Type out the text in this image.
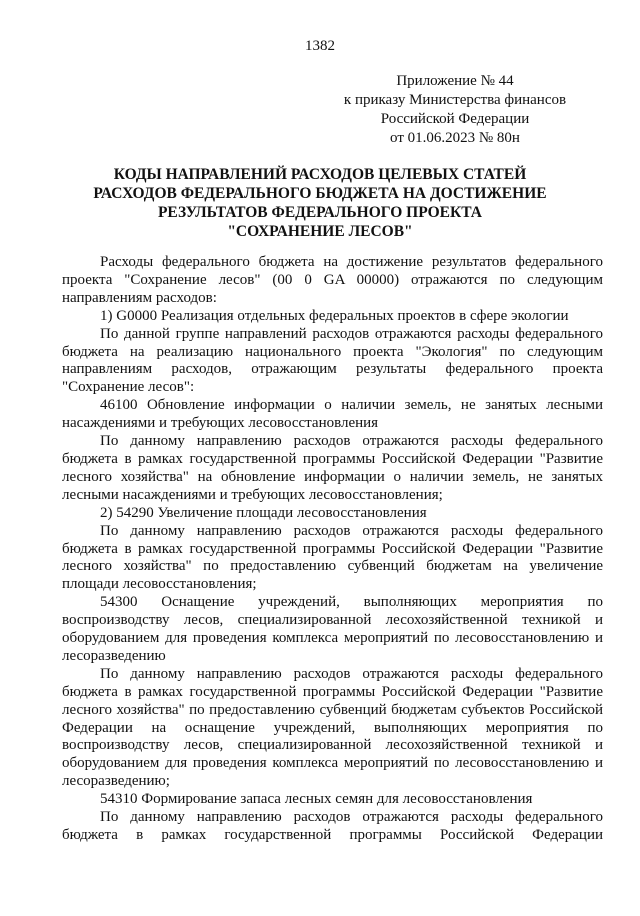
1382
Приложение № 44
к приказу Министерства финансов
Российской Федерации
от 01.06.2023 № 80н
КОДЫ НАПРАВЛЕНИЙ РАСХОДОВ ЦЕЛЕВЫХ СТАТЕЙ
РАСХОДОВ ФЕДЕРАЛЬНОГО БЮДЖЕТА НА ДОСТИЖЕНИЕ
РЕЗУЛЬТАТОВ ФЕДЕРАЛЬНОГО ПРОЕКТА
"СОХРАНЕНИЕ ЛЕСОВ"

Расходы федерального бюджета на достижение результатов федерального проекта "Сохранение лесов" (00 0 GA 00000) отражаются по следующим направлениям расходов:

1) G0000 Реализация отдельных федеральных проектов в сфере экологии

По данной группе направлений расходов отражаются расходы федерального бюджета на реализацию национального проекта "Экология" по следующим направлениям расходов, отражающим результаты федерального проекта "Сохранение лесов":

46100 Обновление информации о наличии земель, не занятых лесными насаждениями и требующих лесовосстановления

По данному направлению расходов отражаются расходы федерального бюджета в рамках государственной программы Российской Федерации "Развитие лесного хозяйства" на обновление информации о наличии земель, не занятых лесными насаждениями и требующих лесовосстановления;

2) 54290 Увеличение площади лесовосстановления

По данному направлению расходов отражаются расходы федерального бюджета в рамках государственной программы Российской Федерации "Развитие лесного хозяйства" по предоставлению субвенций бюджетам на увеличение площади лесовосстановления;

54300 Оснащение учреждений, выполняющих мероприятия по воспроизводству лесов, специализированной лесохозяйственной техникой и оборудованием для проведения комплекса мероприятий по лесовосстановлению и лесоразведению

По данному направлению расходов отражаются расходы федерального бюджета в рамках государственной программы Российской Федерации "Развитие лесного хозяйства" по предоставлению субвенций бюджетам субъектов Российской Федерации на оснащение учреждений, выполняющих мероприятия по воспроизводству лесов, специализированной лесохозяйственной техникой и оборудованием для проведения комплекса мероприятий по лесовосстановлению и лесоразведению;

54310 Формирование запаса лесных семян для лесовосстановления

По данному направлению расходов отражаются расходы федерального бюджета в рамках государственной программы Российской Федерации
